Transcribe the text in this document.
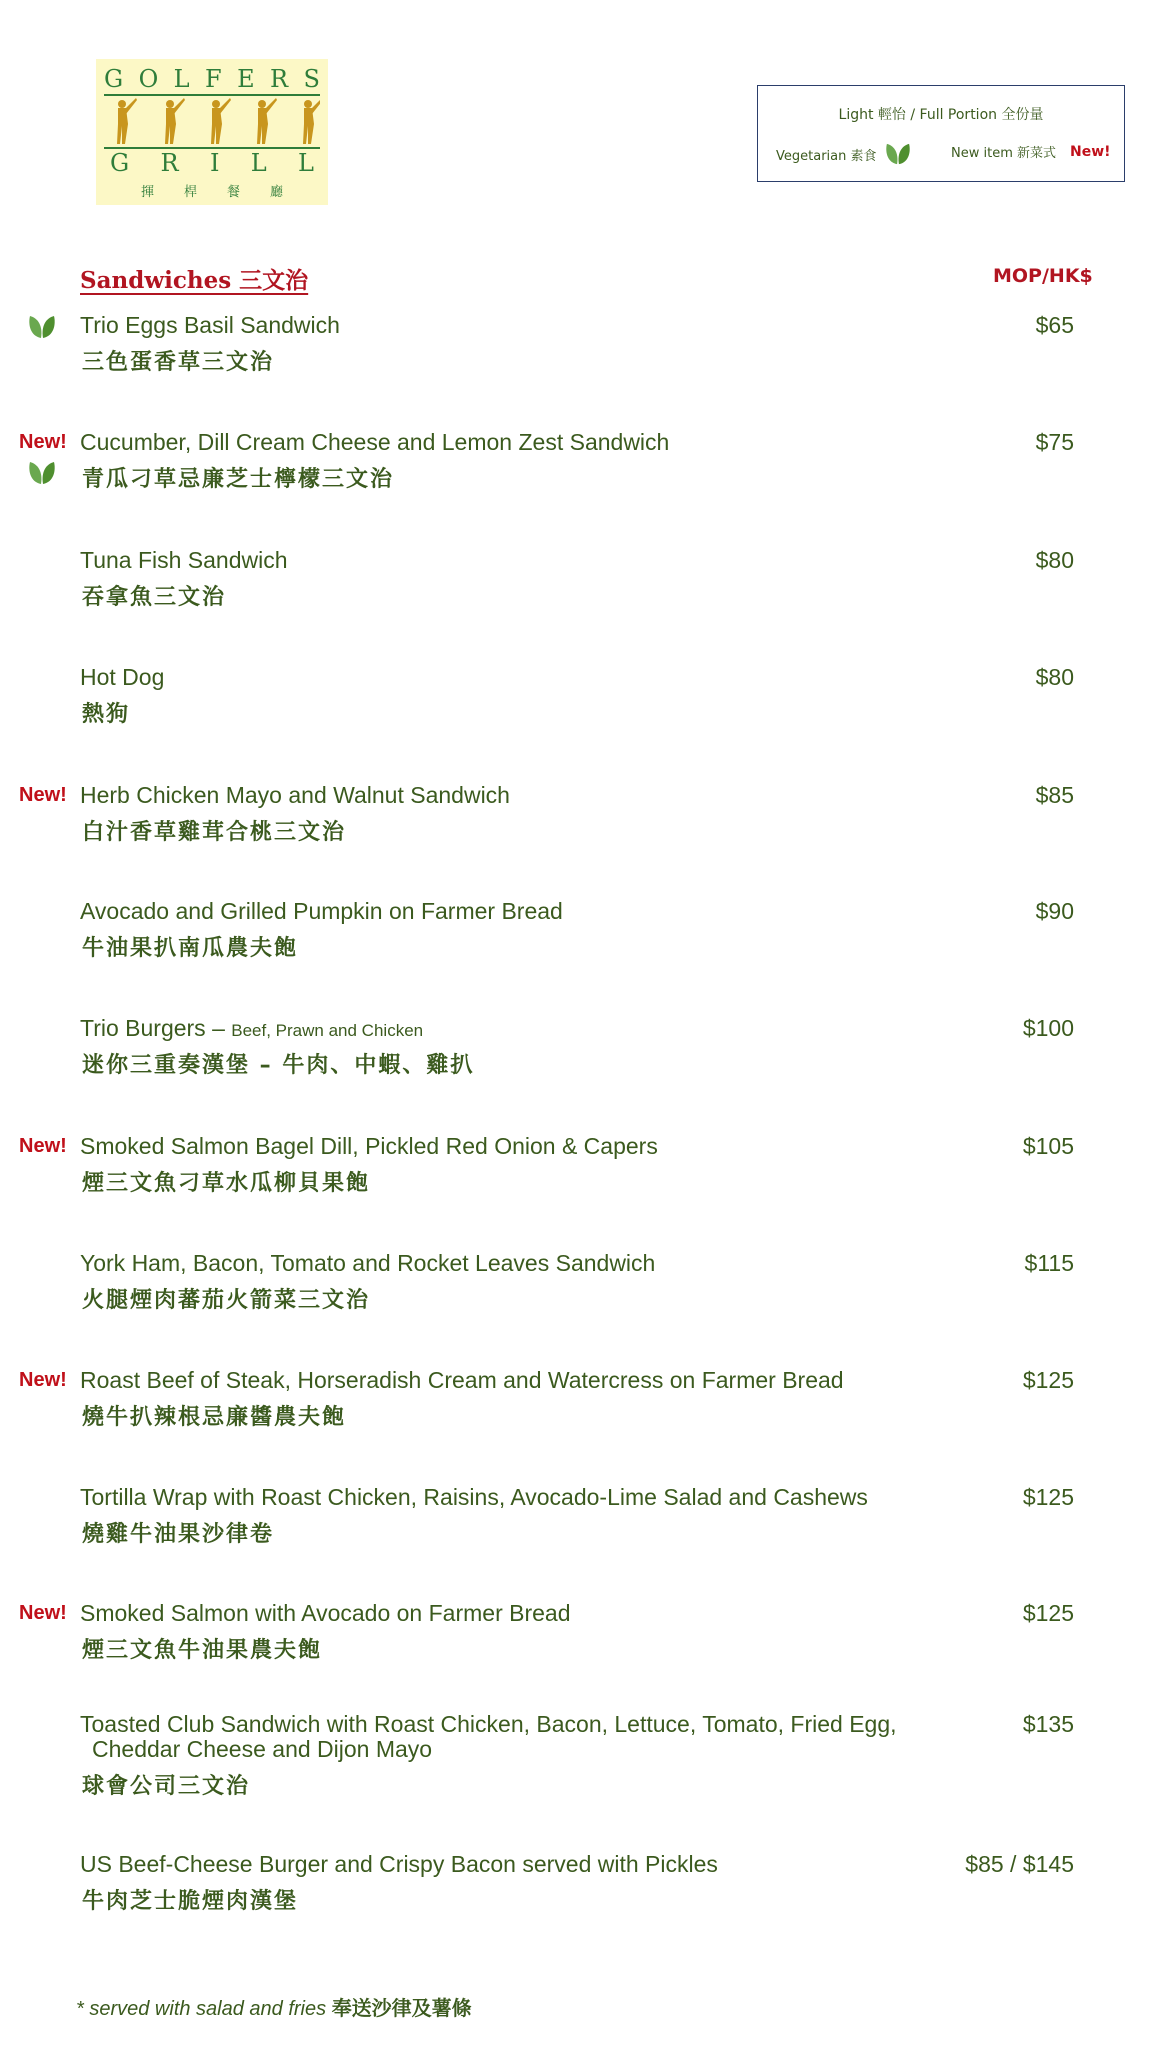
G O L F E R S
G R I L L
揮 桿 餐 廳
Light 輕怡 / Full Portion 全份量
Vegetarian 素食	New item 新菜式 New!
Sandwiches 三文治	MOP/HK$
Trio Eggs Basil Sandwich
三色蛋香草三文治
$65
New! Cucumber, Dill Cream Cheese and Lemon Zest Sandwich
青瓜刁草忌廉芝士檸檬三文治
$75
Tuna Fish Sandwich
吞拿魚三文治
$80
Hot Dog
熱狗
$80
New! Herb Chicken Mayo and Walnut Sandwich
白汁香草雞茸合桃三文治
$85
Avocado and Grilled Pumpkin on Farmer Bread
牛油果扒南瓜農夫飽
$90
Trio Burgers – Beef, Prawn and Chicken
迷你三重奏漢堡 – 牛肉、中蝦、雞扒
$100
New! Smoked Salmon Bagel Dill, Pickled Red Onion & Capers
煙三文魚刁草水瓜柳貝果飽
$105
York Ham, Bacon, Tomato and Rocket Leaves Sandwich
火腿煙肉蕃茄火箭菜三文治
$115
New! Roast Beef of Steak, Horseradish Cream and Watercress on Farmer Bread
燒牛扒辣根忌廉醬農夫飽
$125
Tortilla Wrap with Roast Chicken, Raisins, Avocado-Lime Salad and Cashews
燒雞牛油果沙律卷
$125
New! Smoked Salmon with Avocado on Farmer Bread
煙三文魚牛油果農夫飽
$125
Toasted Club Sandwich with Roast Chicken, Bacon, Lettuce, Tomato, Fried Egg,
Cheddar Cheese and Dijon Mayo
球會公司三文治
$135
US Beef-Cheese Burger and Crispy Bacon served with Pickles
牛肉芝士脆煙肉漢堡
$85 / $145
* served with salad and fries 奉送沙律及薯條
